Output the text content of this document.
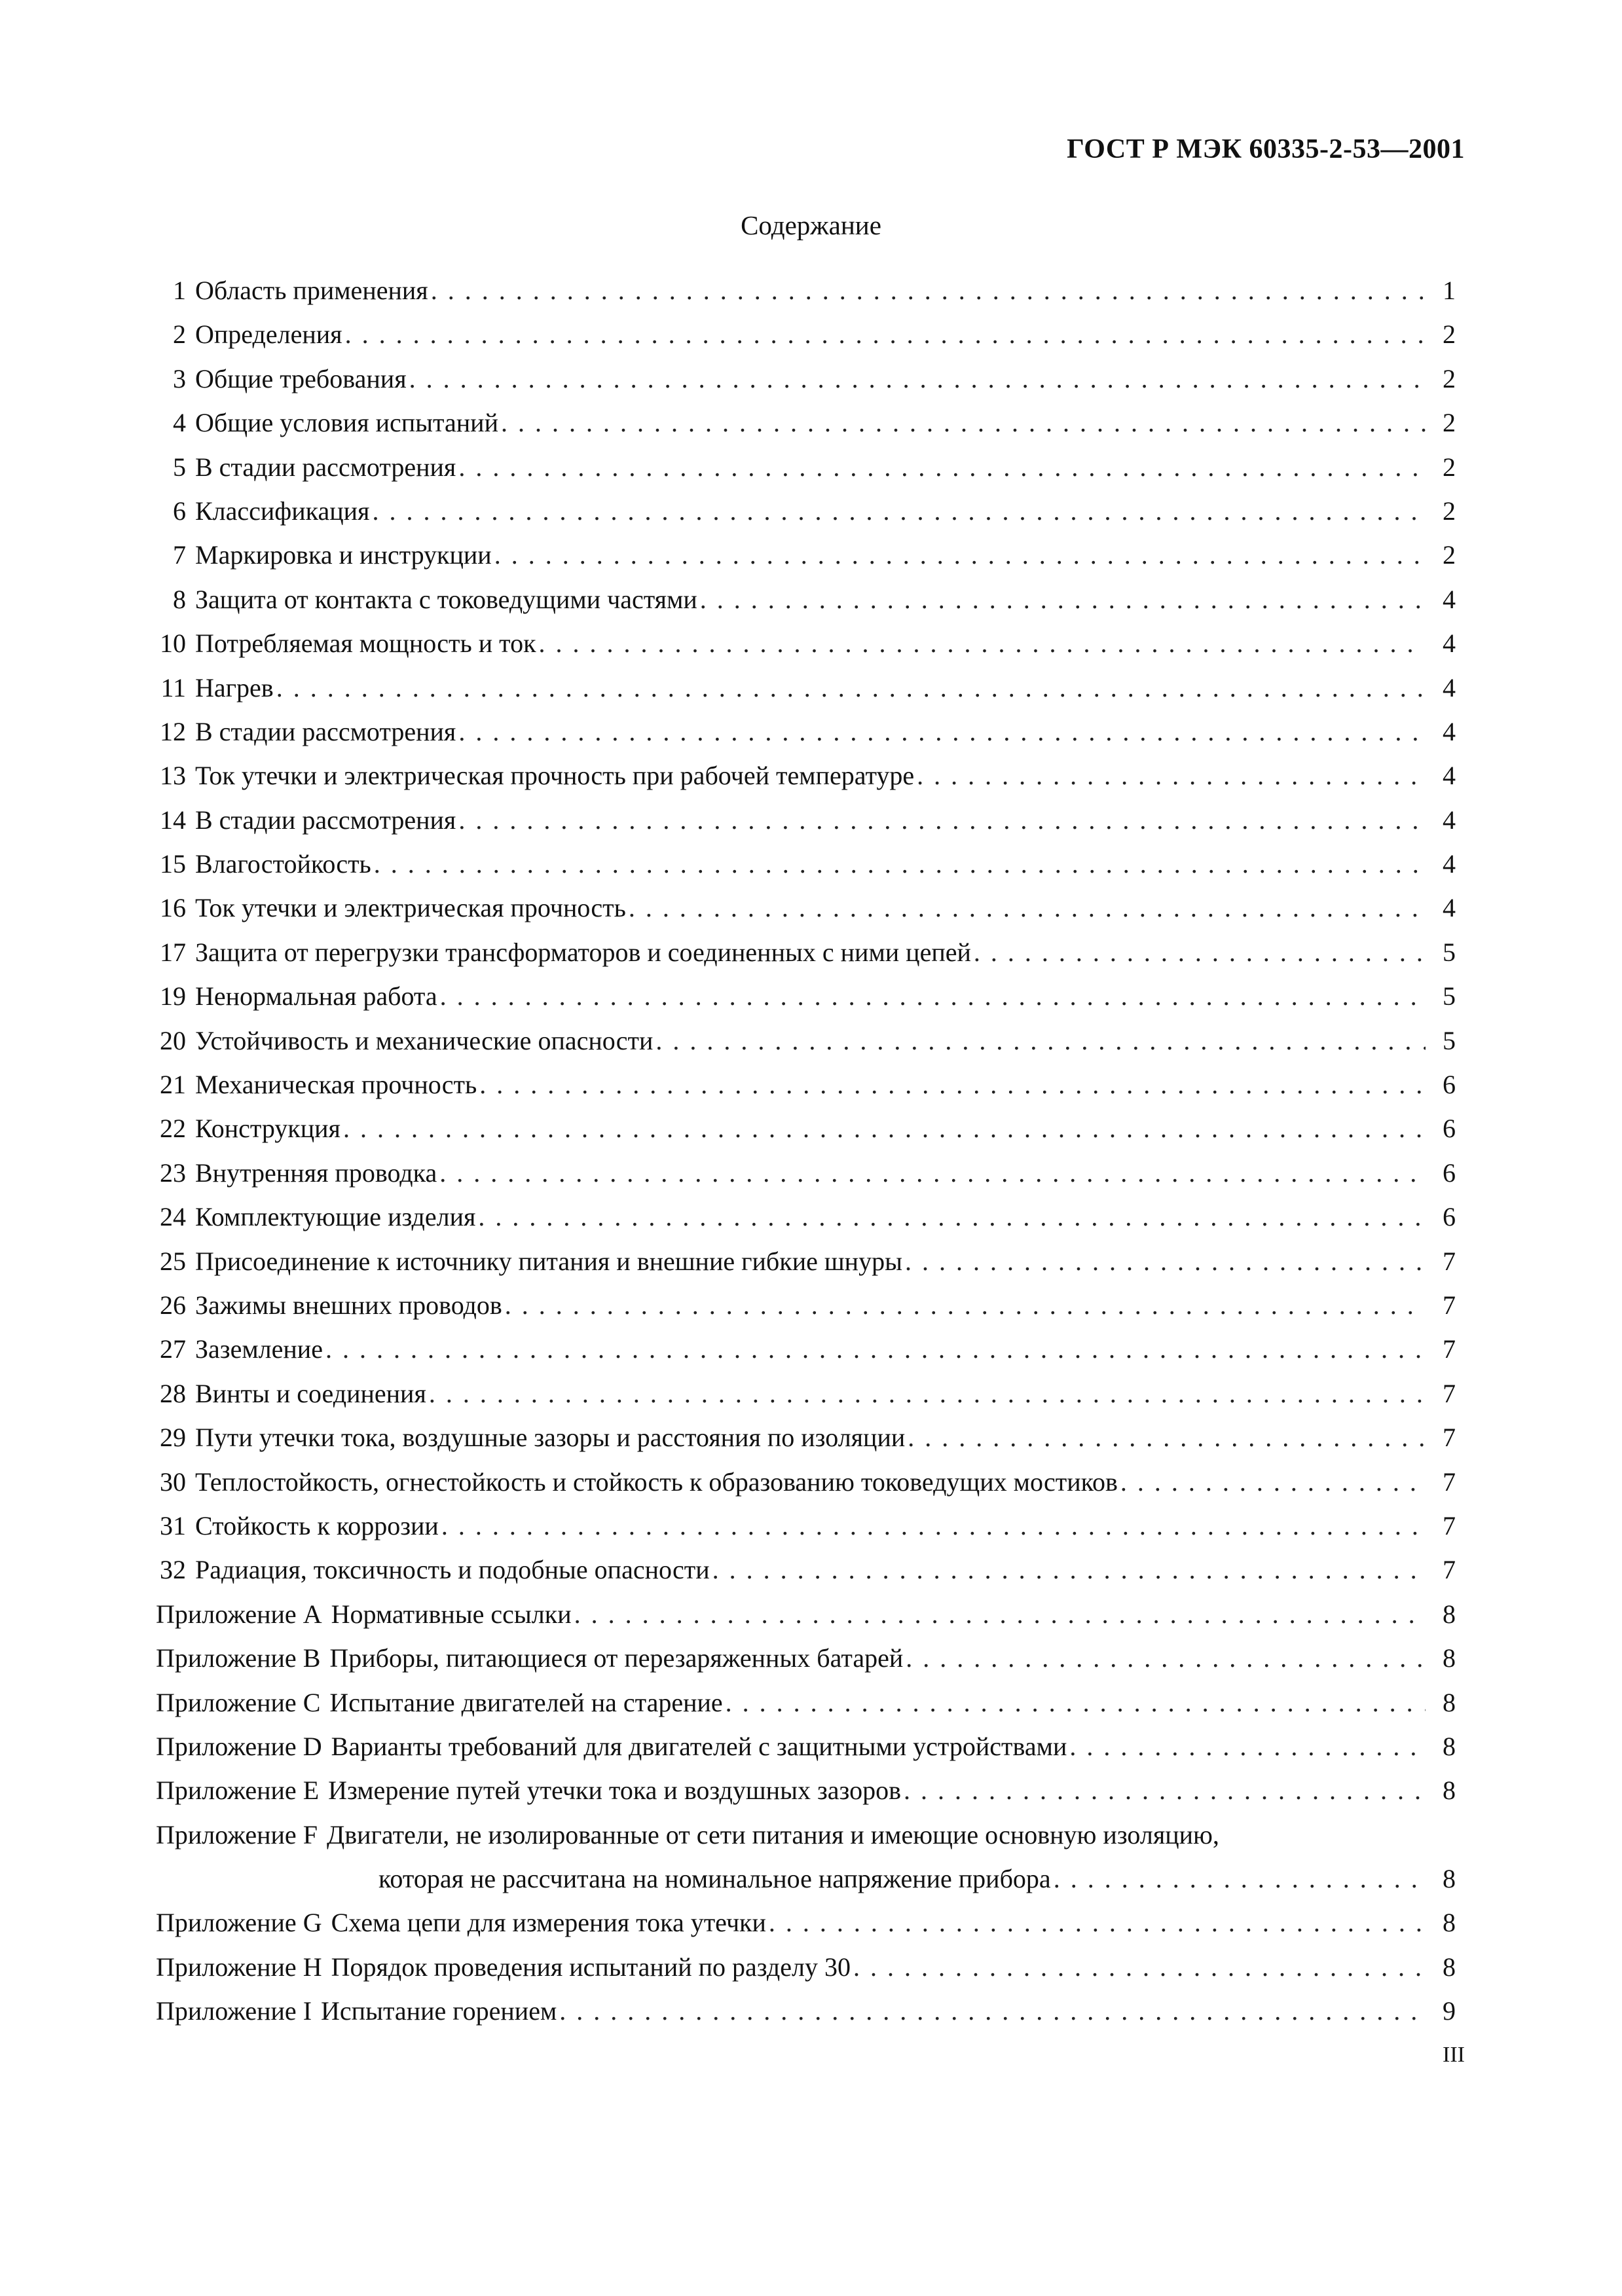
ГОСТ Р МЭК 60335-2-53—2001
Содержание
1 Область применения . . .	1
2 Определения . . .	2
3 Общие требования . . .	2
4 Общие условия испытаний . . .	2
5 В стадии рассмотрения . . .	2
6 Классификация . . .	2
7 Маркировка и инструкции . . .	2
8 Защита от контакта с токоведущими частями . . .	4
10 Потребляемая мощность и ток . . .	4
11 Нагрев . . .	4
12 В стадии рассмотрения . . .	4
13 Ток утечки и электрическая прочность при рабочей температуре . . .	4
14 В стадии рассмотрения . . .	4
15 Влагостойкость . . .	4
16 Ток утечки и электрическая прочность . . .	4
17 Защита от перегрузки трансформаторов и соединенных с ними цепей . . .	5
19 Ненормальная работа . . .	5
20 Устойчивость и механические опасности . . .	5
21 Механическая прочность . . .	6
22 Конструкция . . .	6
23 Внутренняя проводка . . .	6
24 Комплектующие изделия . . .	6
25 Присоединение к источнику питания и внешние гибкие шнуры . . .	7
26 Зажимы внешних проводов . . .	7
27 Заземление . . .	7
28 Винты и соединения . . .	7
29 Пути утечки тока, воздушные зазоры и расстояния по изоляции . . .	7
30 Теплостойкость, огнестойкость и стойкость к образованию токоведущих мостиков . . .	7
31 Стойкость к коррозии . . .	7
32 Радиация, токсичность и подобные опасности . . .	7
Приложение A Нормативные ссылки . . .	8
Приложение B Приборы, питающиеся от перезаряженных батарей . . .	8
Приложение C Испытание двигателей на старение . . .	8
Приложение D Варианты требований для двигателей с защитными устройствами . . .	8
Приложение E Измерение путей утечки тока и воздушных зазоров . . .	8
Приложение F Двигатели, не изолированные от сети питания и имеющие основную изоляцию,
которая не рассчитана на номинальное напряжение прибора . . .	8
Приложение G Схема цепи для измерения тока утечки . . .	8
Приложение H Порядок проведения испытаний по разделу 30 . . .	8
Приложение I Испытание горением . . .	9
III
